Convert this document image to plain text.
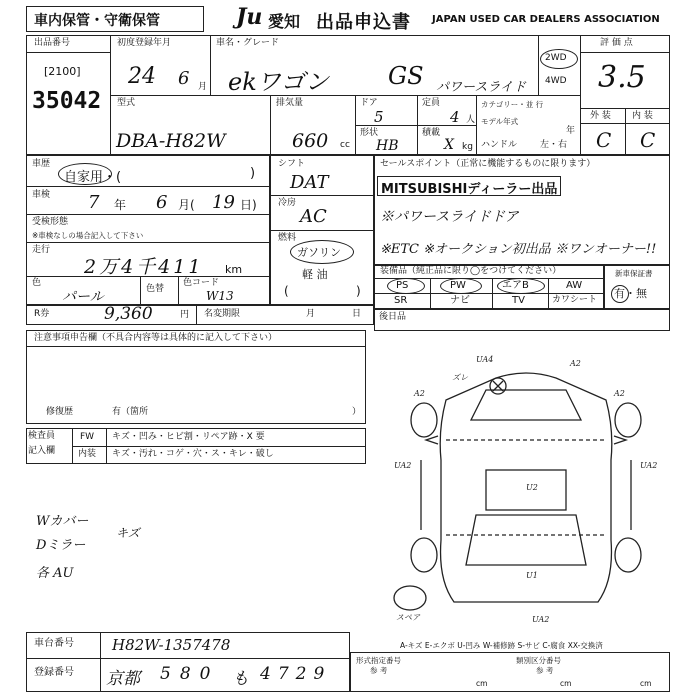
車内保管・守衛保管	Ju 愛知 出品申込書 JAPAN USED CAR DEALERS ASSOCIATION
出品番号
[2100]
35042
初度登録年月
24 6 月
車名・グレード
ekワゴン GS パワースライド
2WD
4WD
評 価 点
3.5
外 装 内 装
C C
型式
DBA-H82W
排気量
660 cc
ドア
5
定員
4 人
形状
HB
積載
X kg
カテゴリー・並 行
モデル年式
年
ハンドル	左・右
車歴
自家用・(	)
車検 7 年 6 月( 19 日)
受検形態
※車検なしの場合記入して下さい
走行
2万4千411 km
色
パール	色替
色コード
W13
シフト
DAT
冷房
AC
燃料
ガソリン
軽 油
(	)
セールスポイント（正常に機能するものに限ります）
MITSUBISHIディーラー出品
※パワースライドドア
※ETC ※オークション初出品 ※ワンオーナー!!
装備品（純正品に限り◯をつけてください）
PS	PW	エアB	AW
SR	ナビ	TV	カワシート
新車保証書
有・無
R券	9,360	円 名変期限	月	日 後日品
注意事項申告欄（不具合内容等は具体的に記入して下さい）
修復歴	有（箇所	）
検査員
記入欄
FW キズ・凹み・ヒビ割・リペア跡・X 要
内装 キズ・汚れ・コゲ・穴・ス・キレ・破し
Wカバー
キズ
Dミラー
各 AU
UA4	A2
ズレ
A2	A2
UA2	UA2
U2
U1
UA2
スペア
A-キズ E-エクボ U-凹み W-補修跡 S-サビ C-腐食 XX-交換済
車台番号	H82W-1357478
登録番号 京都 580 も 4729
形式指定番号	類別区分番号
参 考	参 考
cm	cm	cm
